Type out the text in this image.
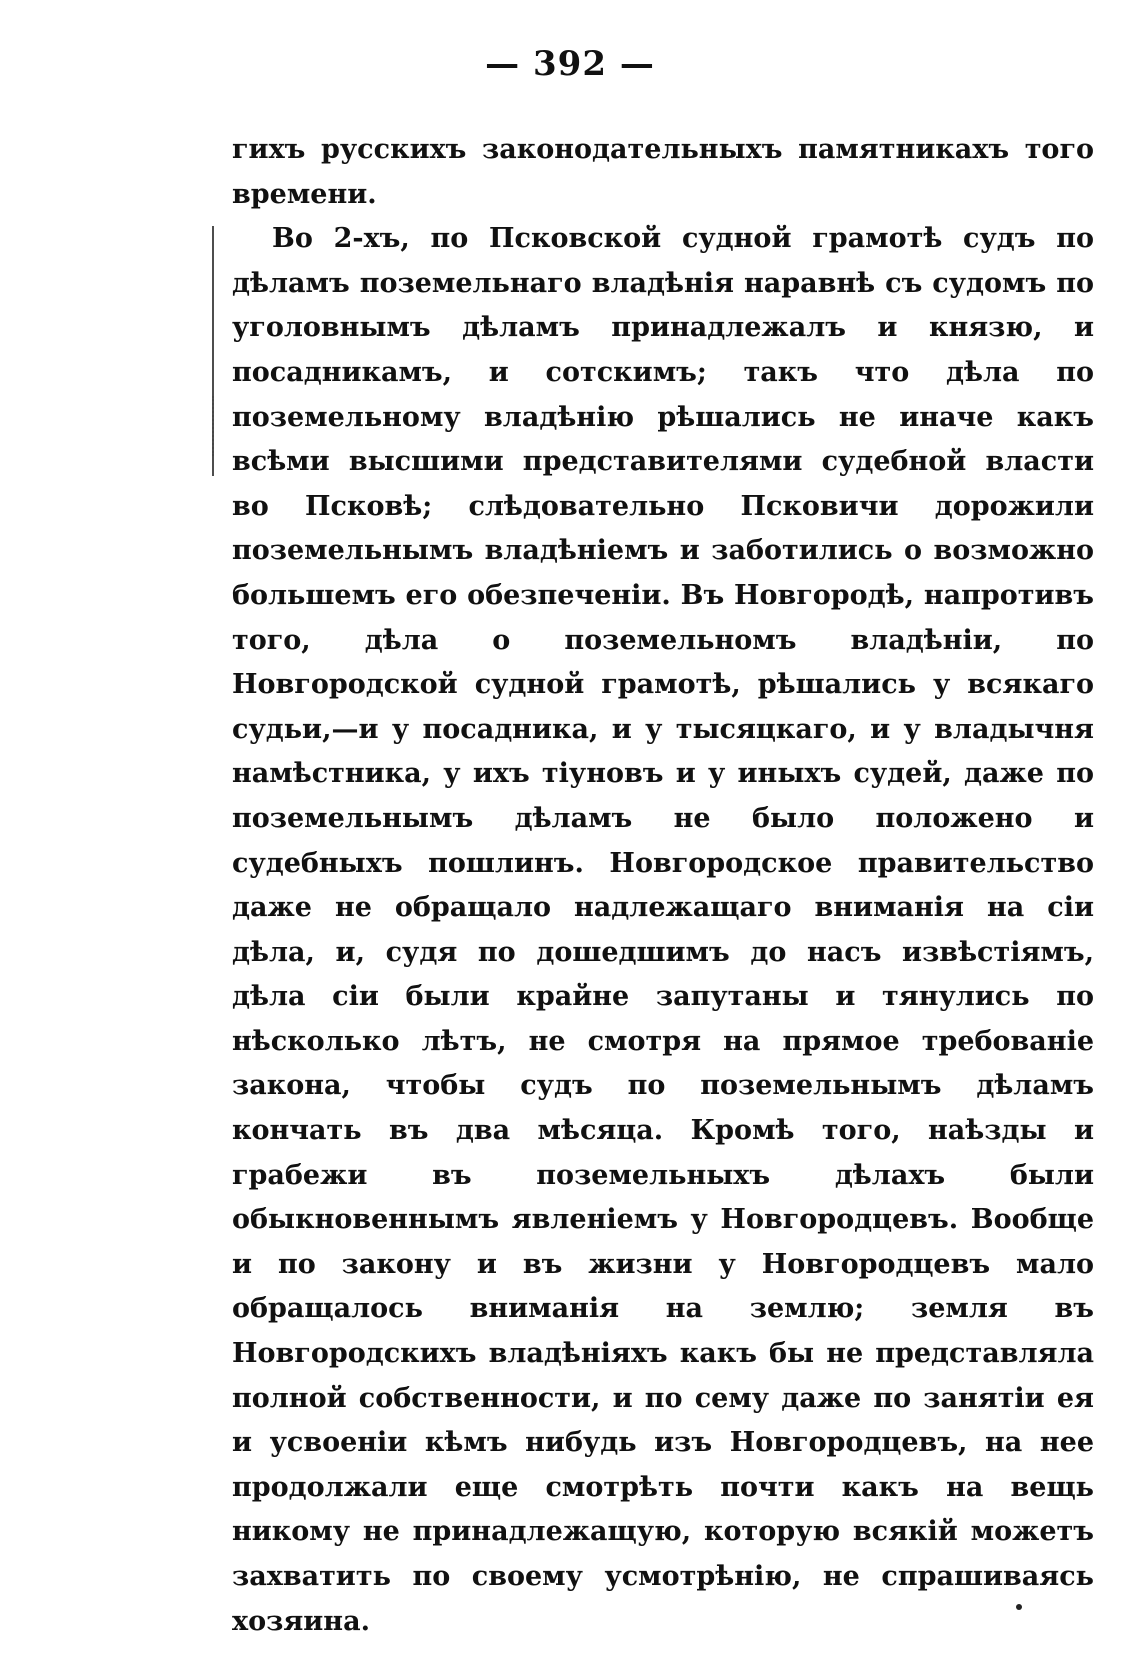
— 392 —

гихъ русскихъ законодательныхъ памятникахъ того времени.

Во 2-хъ, по Псковской судной грамотѣ судъ по дѣламъ поземельнаго владѣнія наравнѣ съ судомъ по уголовнымъ дѣламъ принадлежалъ и князю, и посадникамъ, и сотскимъ; такъ что дѣла по поземельному владѣнію рѣшались не иначе какъ всѣми высшими представителями судебной власти во Псковѣ; слѣдовательно Псковичи дорожили поземельнымъ владѣніемъ и заботились о возможно большемъ его обезпеченіи. Въ Новгородѣ, напротивъ того, дѣла о поземельномъ владѣніи, по Новгородской судной грамотѣ, рѣшались у всякаго судьи,—и у посадника, и у тысяцкаго, и у владычня намѣстника, у ихъ тіуновъ и у иныхъ судей, даже по поземельнымъ дѣламъ не было положено и судебныхъ пошлинъ. Новгородское правительство даже не обращало надлежащаго вниманія на сіи дѣла, и, судя по дошедшимъ до насъ извѣстіямъ, дѣла сіи были крайне запутаны и тянулись по нѣсколько лѣтъ, не смотря на прямое требованіе закона, чтобы судъ по поземельнымъ дѣламъ кончать въ два мѣсяца. Кромѣ того, наѣзды и грабежи въ поземельныхъ дѣлахъ были обыкновеннымъ явленіемъ у Новгородцевъ. Вообще и по закону и въ жизни у Новгородцевъ мало обращалось вниманія на землю; земля въ Новгородскихъ владѣніяхъ какъ бы не представляла полной собственности, и по сему даже по занятіи ея и усвоеніи кѣмъ нибудь изъ Новгородцевъ, на нее продолжали еще смотрѣть почти какъ на вещь никому не принадлежащую, которую всякій можетъ захватить по своему усмотрѣнію, не спрашиваясь хозяина.
